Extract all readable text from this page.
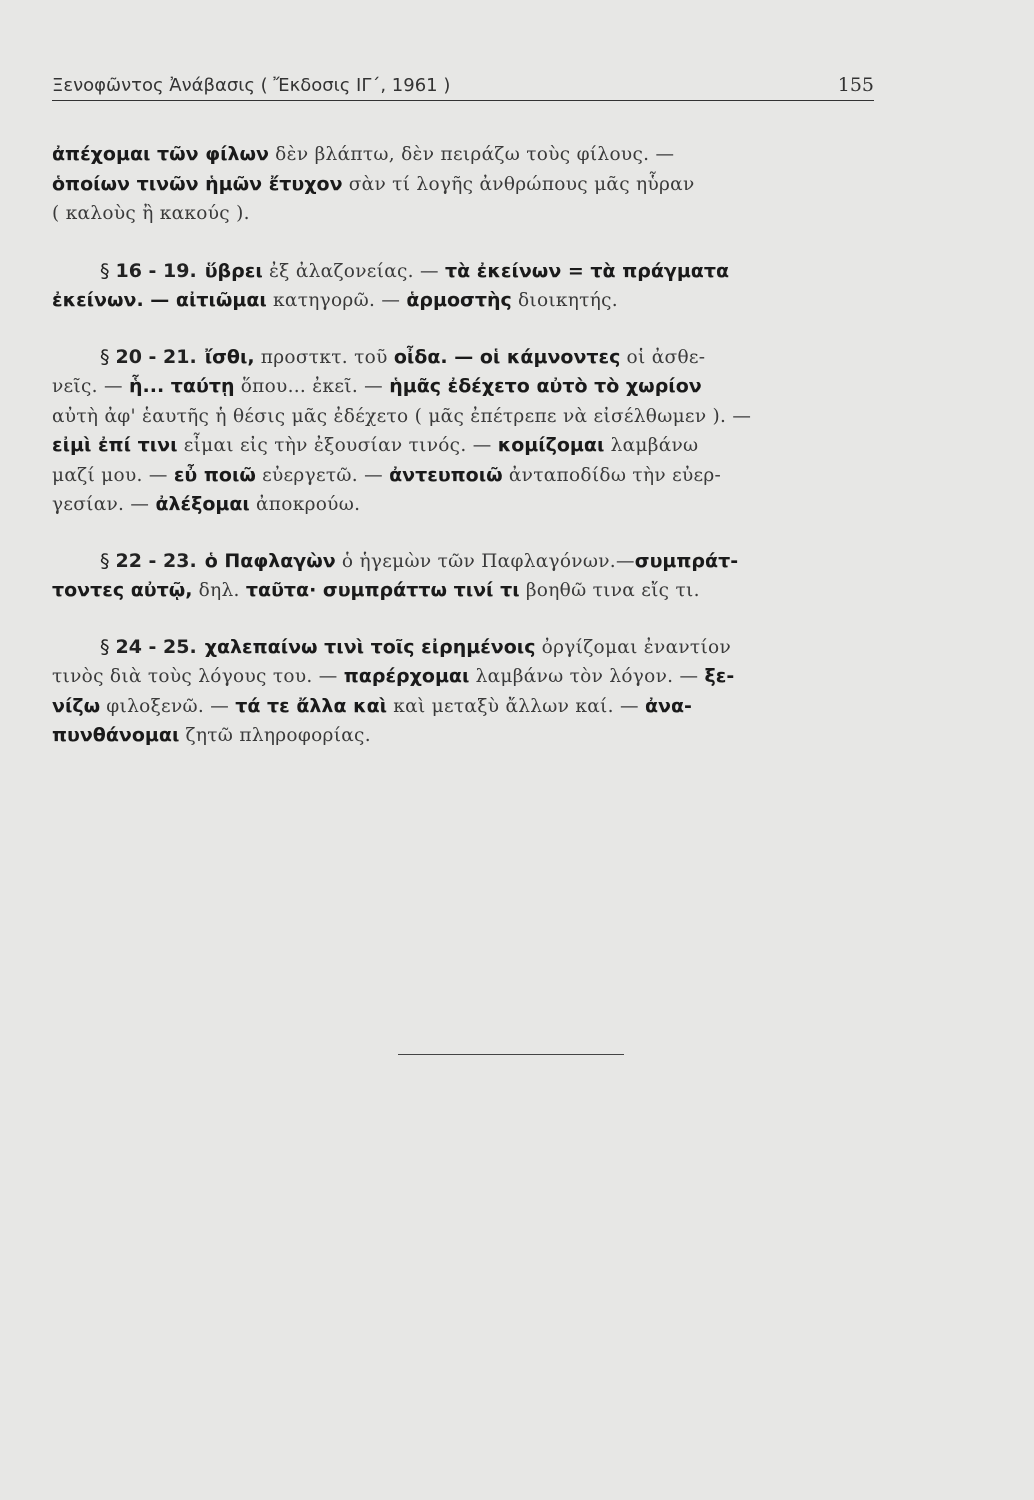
Ξενοφῶντος Ἀνάβασις ( Ἔκδοσις ΙΓ΄, 1961 )	155
ἀπέχομαι τῶν φίλων δὲν βλάπτω, δὲν πειράζω τοὺς φίλους. —
ὁποίων τινῶν ἡμῶν ἔτυχον σὰν τί λογῆς ἀνθρώπους μᾶς ηὗραν
( καλοὺς ἢ κακούς ).
§ 16 - 19. ὕβρει ἐξ ἀλαζονείας. — τὰ ἐκείνων = τὰ πράγματα
ἐκείνων. — αἰτιῶμαι κατηγορῶ. — ἁρμοστὴς διοικητής.
§ 20 - 21. ἴσθι, προστκτ. τοῦ οἶδα. — οἱ κάμνοντες οἱ ἀσθε-
νεῖς. — ἧ... ταύτῃ ὅπου... ἐκεῖ. — ἡμᾶς ἐδέχετο αὐτὸ τὸ χωρίον
αὐτὴ ἀφ' ἑαυτῆς ἡ θέσις μᾶς ἐδέχετο ( μᾶς ἐπέτρεπε νὰ εἰσέλθωμεν ). —
εἰμὶ ἐπί τινι εἶμαι εἰς τὴν ἐξουσίαν τινός. — κομίζομαι λαμβάνω
μαζί μου. — εὖ ποιῶ εὐεργετῶ. — ἀντευποιῶ ἀνταποδίδω τὴν εὐερ-
γεσίαν. — ἀλέξομαι ἀποκρούω.
§ 22 - 23. ὁ Παφλαγὼν ὁ ἡγεμὼν τῶν Παφλαγόνων.—συμπράτ-
τοντες αὐτῷ, δηλ. ταῦτα· συμπράττω τινί τι βοηθῶ τινα εἴς τι.
§ 24 - 25. χαλεπαίνω τινὶ τοῖς εἰρημένοις ὀργίζομαι ἐναντίον
τινὸς διὰ τοὺς λόγους του. — παρέρχομαι λαμβάνω τὸν λόγον. — ξε-
νίζω φιλοξενῶ. — τά τε ἄλλα καὶ καὶ μεταξὺ ἄλλων καί. — ἀνα-
πυνθάνομαι ζητῶ πληροφορίας.
